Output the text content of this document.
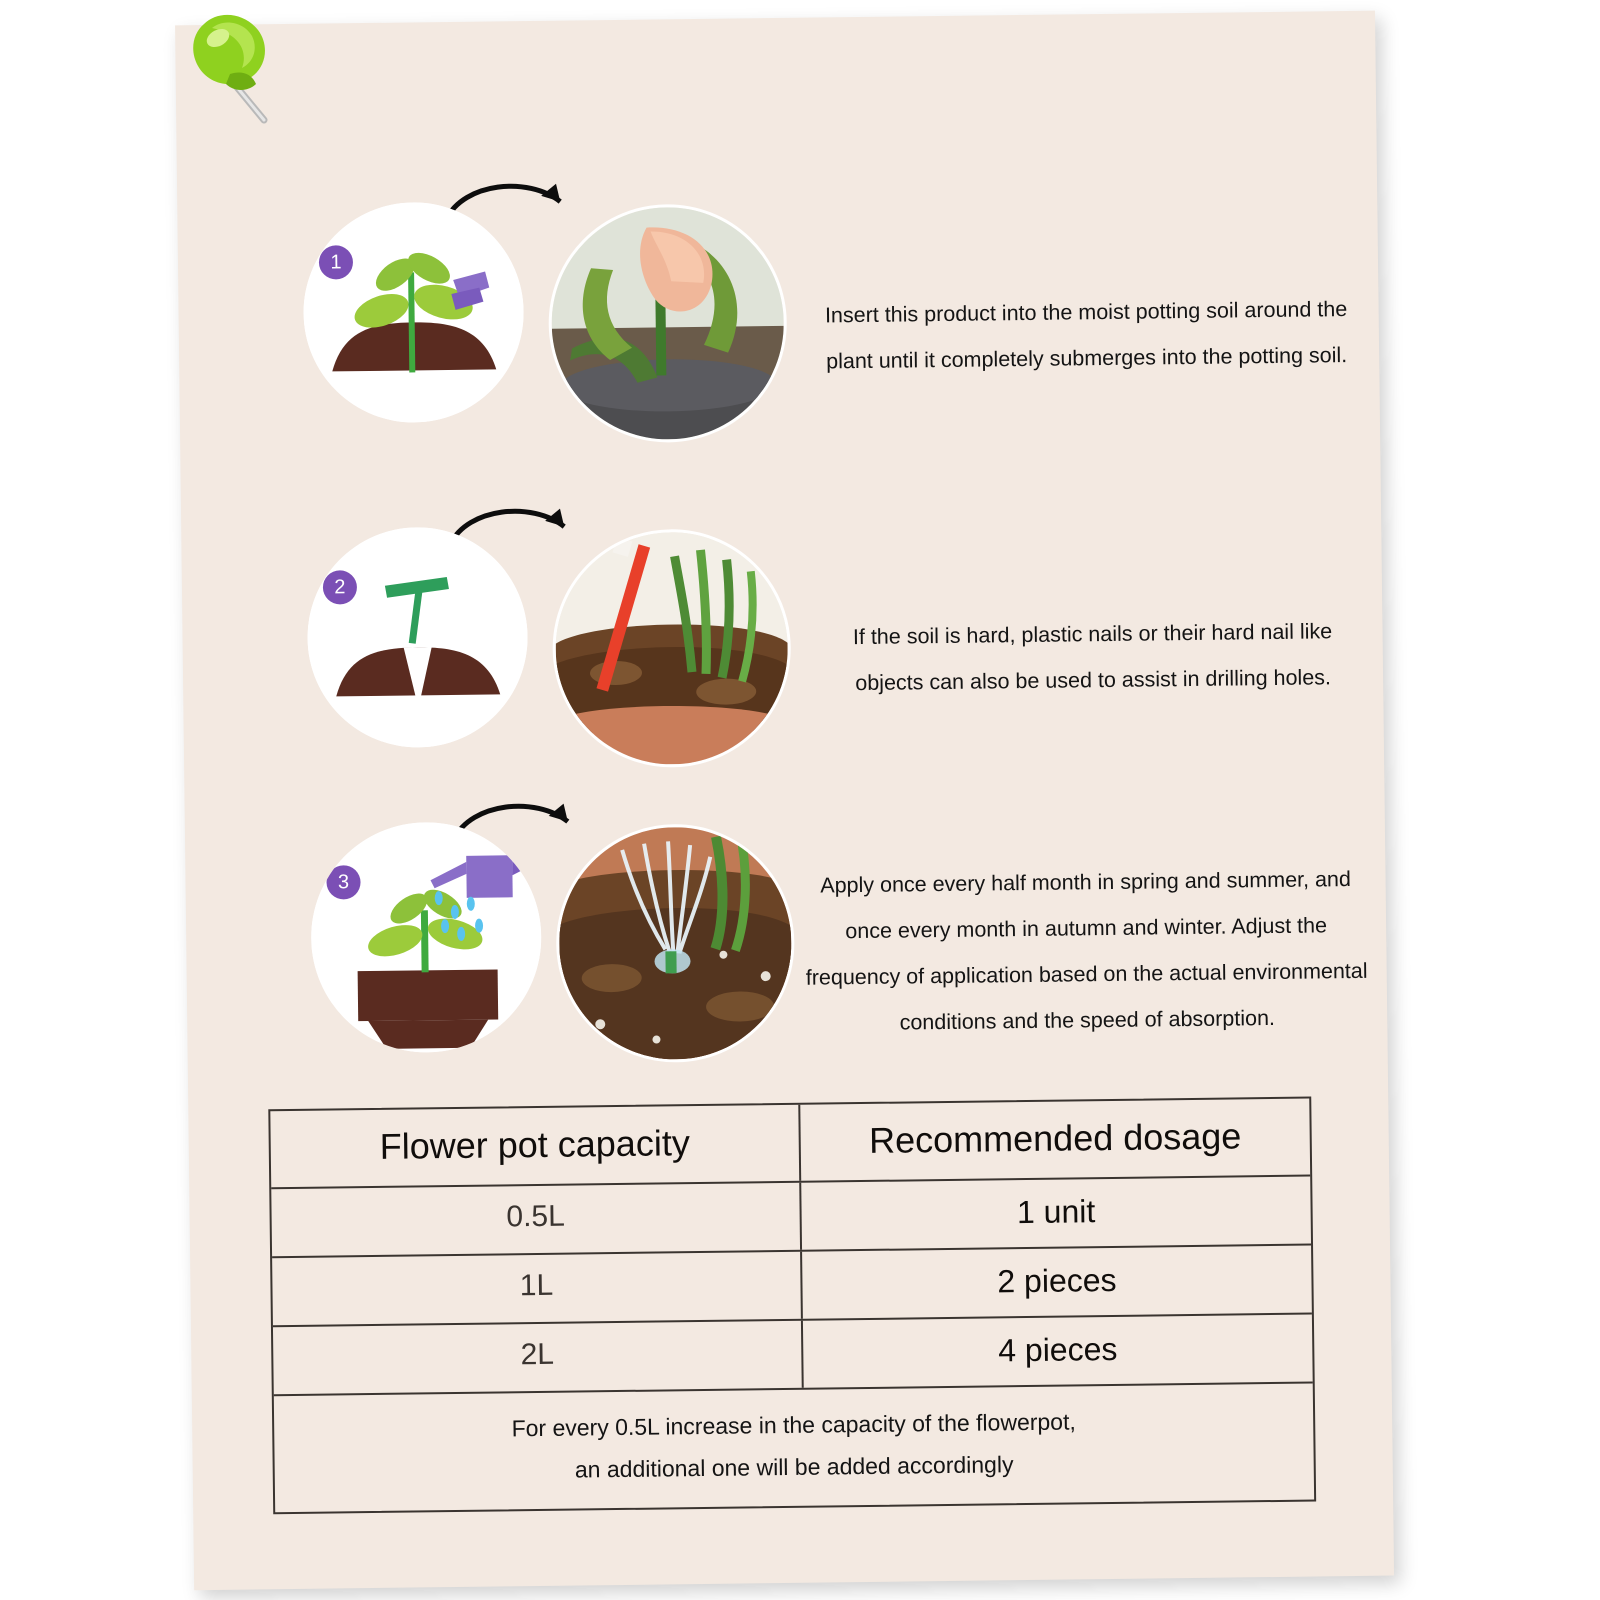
1
Insert this product into the moist potting soil around the plant until it completely submerges into the potting soil.
2
If the soil is hard, plastic nails or their hard nail like objects can also be used to assist in drilling holes.
3	Apply once every half month in spring and summer, and once every month in autumn and winter. Adjust the frequency of application based on the actual environmental conditions and the speed of absorption.
Flower pot capacity	Recommended dosage
0.5L	1 unit
1L	2 pieces
2L	4 pieces
For every 0.5L increase in the capacity of the flowerpot,
an additional one will be added accordingly
